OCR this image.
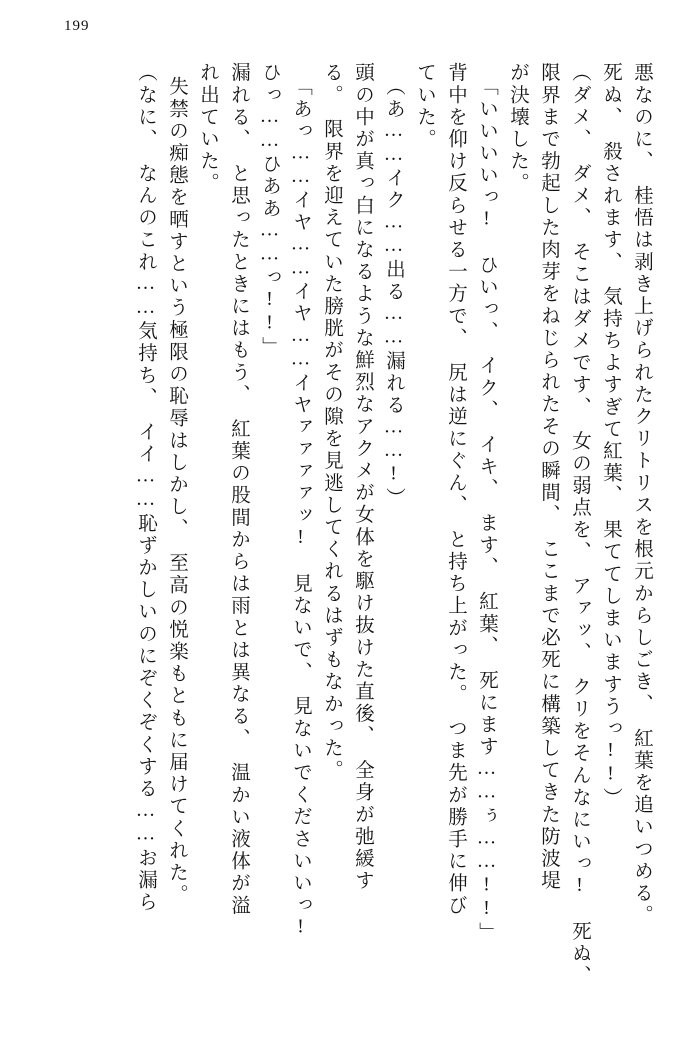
199
悪なのに、　桂悟は剥き上げられたクリトリスを根元からしごき、　紅葉を追いつめる。
死ぬ、　殺されます、　気持ちよすぎて紅葉、　果ててしまいますうっ!!）
（ダメ、　ダメ、　そこはダメです、　女の弱点を、　アァッ、　クリをそんなにいっ!　死ぬ、
限界まで勃起した肉芽をねじられたその瞬間、　ここまで必死に構築してきた防波堤
が決壊した。
「いいいいっ!　ひいっ、　イク、　イキ、　ます、　紅葉、　死にます……ぅ……!!」
背中を仰け反らせる一方で、　尻は逆にぐん、　と持ち上がった。　つま先が勝手に伸び
ていた。
（あ……イク……出る……漏れる……!）
頭の中が真っ白になるような鮮烈なアクメが女体を駆け抜けた直後、　全身が弛緩す
る。　限界を迎えていた膀胱がその隙を見逃してくれるはずもなかった。
「あっ……イヤ……イヤ……イヤァァァァッ!　見ないで、　見ないでくださいいっ!
ひっ……ひああ……っ!!」
漏れる、　と思ったときにはもう、　紅葉の股間からは雨とは異なる、　温かい液体が溢
れ出ていた。
失禁の痴態を晒すという極限の恥辱はしかし、　至高の悦楽もともに届けてくれた。
（なに、　なんのこれ……気持ち、　イイ……恥ずかしいのにぞくぞくする……お漏ら
